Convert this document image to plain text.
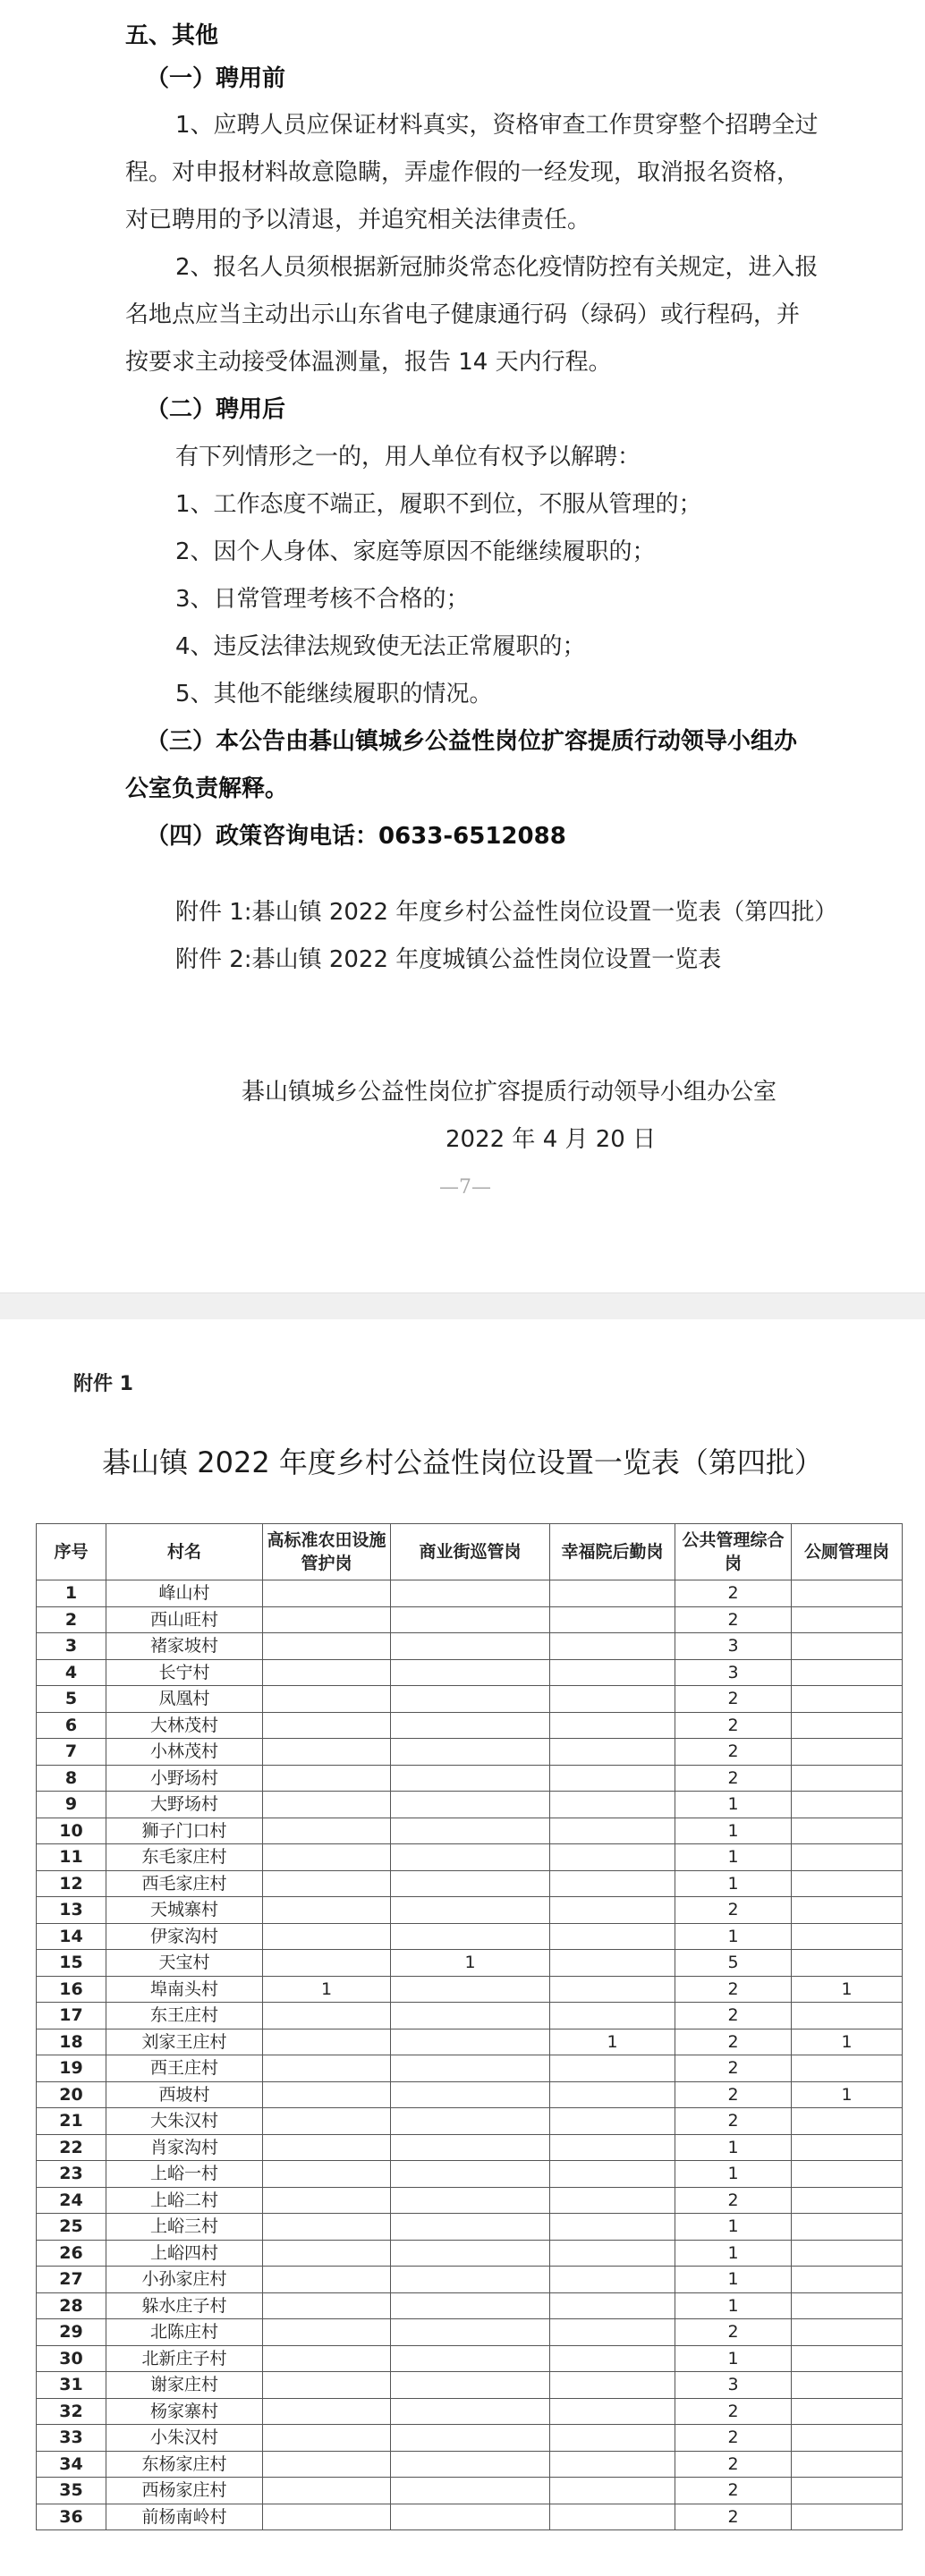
五、其他
（一）聘用前
1、应聘人员应保证材料真实，资格审查工作贯穿整个招聘全过
程。对申报材料故意隐瞒，弄虚作假的一经发现，取消报名资格，
对已聘用的予以清退，并追究相关法律责任。
2、报名人员须根据新冠肺炎常态化疫情防控有关规定，进入报
名地点应当主动出示山东省电子健康通行码（绿码）或行程码，并
按要求主动接受体温测量，报告 14 天内行程。
（二）聘用后
有下列情形之一的，用人单位有权予以解聘：
1、工作态度不端正，履职不到位，不服从管理的；
2、因个人身体、家庭等原因不能继续履职的；
3、日常管理考核不合格的；
4、违反法律法规致使无法正常履职的；
5、其他不能继续履职的情况。
（三）本公告由碁山镇城乡公益性岗位扩容提质行动领导小组办
公室负责解释。
（四）政策咨询电话：0633-6512088
附件 1:碁山镇 2022 年度乡村公益性岗位设置一览表（第四批）
附件 2:碁山镇 2022 年度城镇公益性岗位设置一览表
碁山镇城乡公益性岗位扩容提质行动领导小组办公室
2022 年 4 月 20 日
—7—
附件 1
碁山镇 2022 年度乡村公益性岗位设置一览表（第四批）
序号	村名	高标准农田设施管护岗	商业街巡管岗	幸福院后勤岗	公共管理综合岗	公厕管理岗
1	峰山村				2	
2	西山旺村				2	
3	褚家坡村				3	
4	长宁村				3	
5	凤凰村				2	
6	大林茂村				2	
7	小林茂村				2	
8	小野场村				2	
9	大野场村				1	
10	狮子门口村				1	
11	东毛家庄村				1	
12	西毛家庄村				1	
13	天城寨村				2	
14	伊家沟村				1	
15	天宝村		1		5	
16	埠南头村	1			2	1
17	东王庄村				2	
18	刘家王庄村			1	2	1
19	西王庄村				2	
20	西坡村				2	1
21	大朱汉村				2	
22	肖家沟村				1	
23	上峪一村				1	
24	上峪二村				2	
25	上峪三村				1	
26	上峪四村				1	
27	小孙家庄村				1	
28	躲水庄子村				1	
29	北陈庄村				2	
30	北新庄子村				1	
31	谢家庄村				3	
32	杨家寨村				2	
33	小朱汉村				2	
34	东杨家庄村				2	
35	西杨家庄村				2	
36	前杨南岭村				2	
